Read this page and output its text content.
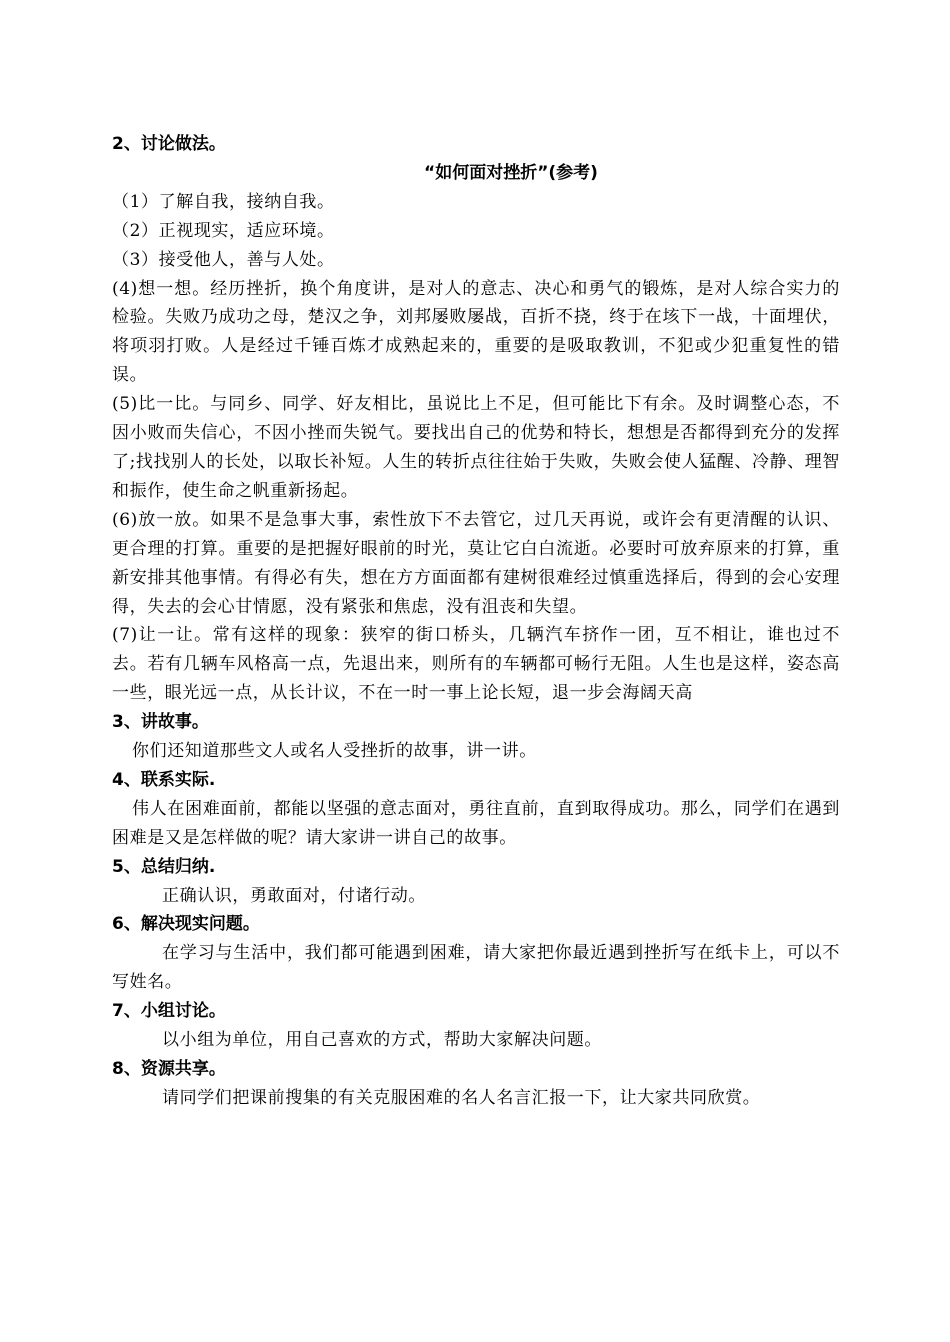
2、讨论做法。

“如何面对挫折”(参考)

（1）了解自我，接纳自我。

（2）正视现实，适应环境。

（3）接受他人，善与人处。

(4)想一想。经历挫折，换个角度讲，是对人的意志、决心和勇气的锻炼，是对人综合实力的检验。失败乃成功之母，楚汉之争，刘邦屡败屡战，百折不挠，终于在垓下一战，十面埋伏，将项羽打败。人是经过千锤百炼才成熟起来的，重要的是吸取教训，不犯或少犯重复性的错误。

(5)比一比。与同乡、同学、好友相比，虽说比上不足，但可能比下有余。及时调整心态，不因小败而失信心，不因小挫而失锐气。要找出自己的优势和特长，想想是否都得到充分的发挥了;找找别人的长处，以取长补短。人生的转折点往往始于失败，失败会使人猛醒、冷静、理智和振作，使生命之帆重新扬起。

(6)放一放。如果不是急事大事，索性放下不去管它，过几天再说，或许会有更清醒的认识、更合理的打算。重要的是把握好眼前的时光，莫让它白白流逝。必要时可放弃原来的打算，重新安排其他事情。有得必有失，想在方方面面都有建树很难经过慎重选择后，得到的会心安理得，失去的会心甘情愿，没有紧张和焦虑，没有沮丧和失望。

(7)让一让。常有这样的现象：狭窄的街口桥头，几辆汽车挤作一团，互不相让，谁也过不去。若有几辆车风格高一点，先退出来，则所有的车辆都可畅行无阻。人生也是这样，姿态高一些，眼光远一点，从长计议，不在一时一事上论长短，退一步会海阔天高

3、讲故事。

你们还知道那些文人或名人受挫折的故事，讲一讲。

4、联系实际.

伟人在困难面前，都能以坚强的意志面对，勇往直前，直到取得成功。那么，同学们在遇到困难是又是怎样做的呢？请大家讲一讲自己的故事。

5、总结归纳.

正确认识，勇敢面对，付诸行动。

6、解决现实问题。

在学习与生活中，我们都可能遇到困难，请大家把你最近遇到挫折写在纸卡上，可以不写姓名。

7、小组讨论。

以小组为单位，用自己喜欢的方式，帮助大家解决问题。

8、资源共享。

请同学们把课前搜集的有关克服困难的名人名言汇报一下，让大家共同欣赏。
